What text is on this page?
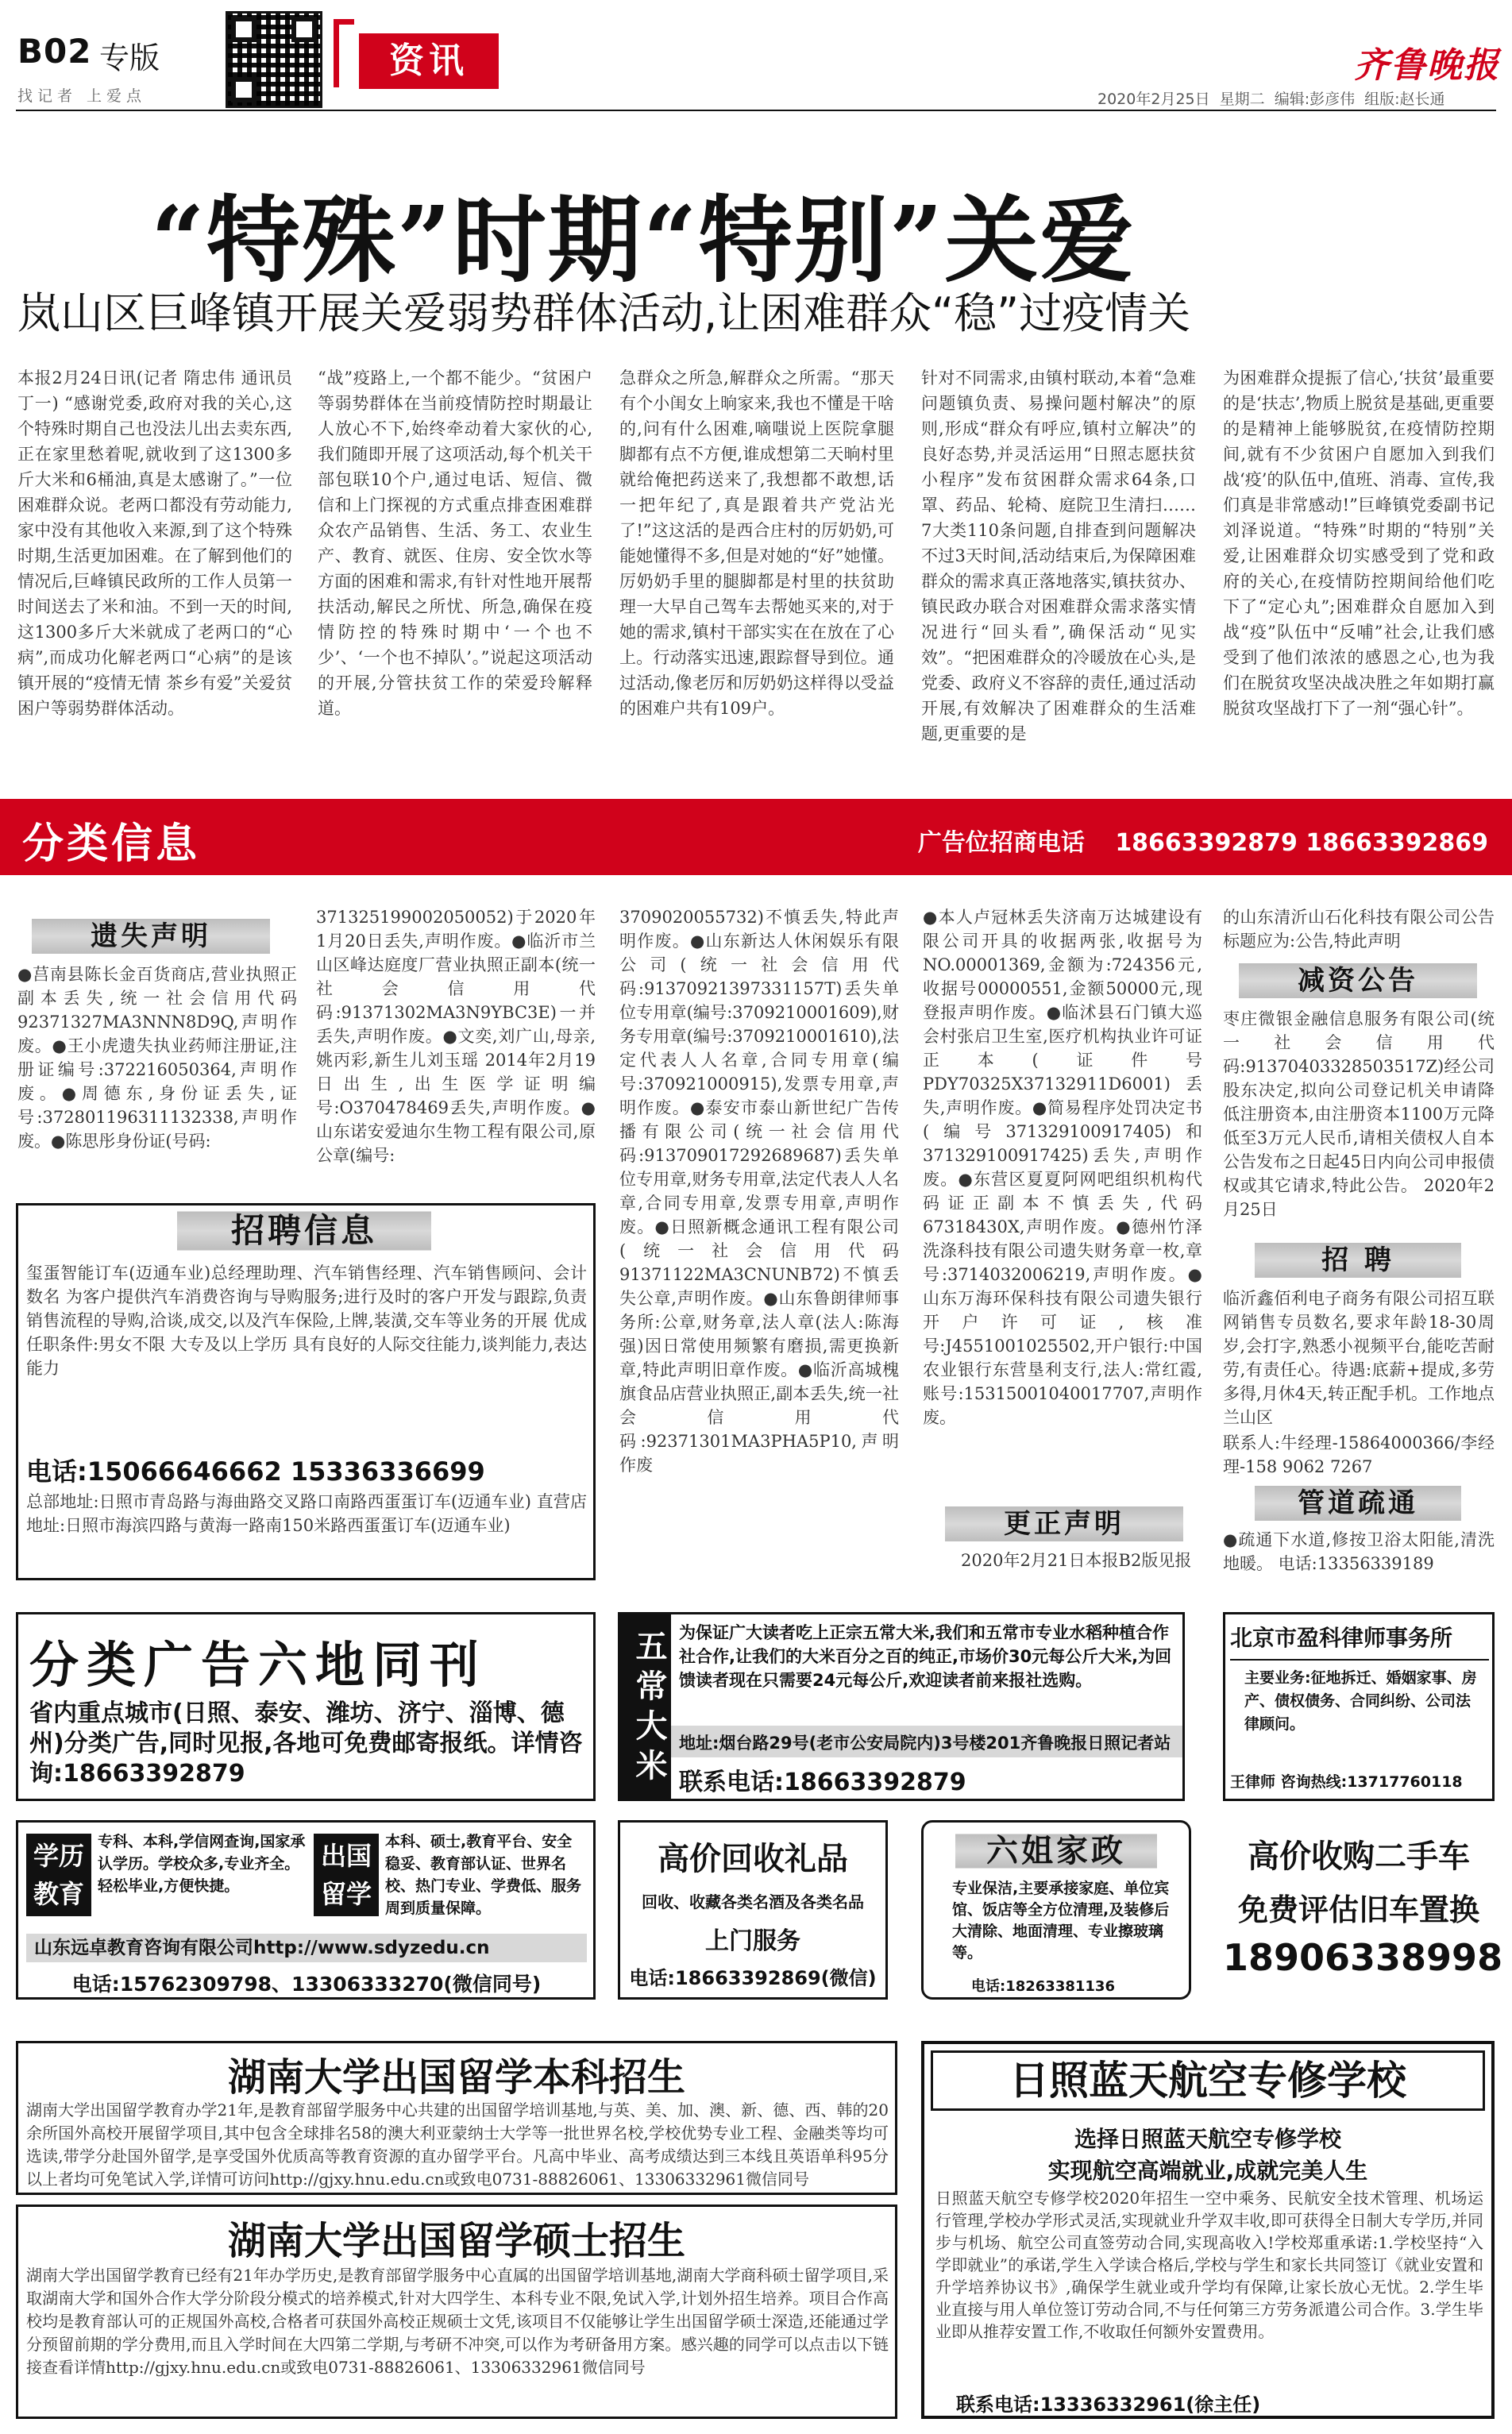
B02 专版
找记者 上爱点
资讯	齐鲁晚报
2020年2月25日 星期二 编辑:彭彦伟 组版:赵长通
“特殊”时期“特别”关爱
岚山区巨峰镇开展关爱弱势群体活动,让困难群众“稳”过疫情关
本报2月24日讯(记者 隋忠伟 通讯员 丁一) “感谢党委,政府对我的关心,这个特殊时期自己也没法儿出去卖东西,正在家里愁着呢,就收到了这1300多斤大米和6桶油,真是太感谢了。”一位困难群众说。老两口都没有劳动能力,家中没有其他收入来源,到了这个特殊时期,生活更加困难。在了解到他们的情况后,巨峰镇民政所的工作人员第一时间送去了米和油。不到一天的时间,这1300多斤大米就成了老两口的“心病”,而成功化解老两口“心病”的是该镇开展的“疫情无情 茶乡有爱”关爱贫困户等弱势群体活动。
“战”疫路上,一个都不能少。“贫困户等弱势群体在当前疫情防控时期最让人放心不下,始终牵动着大家伙的心,我们随即开展了这项活动,每个机关干部包联10个户,通过电话、短信、微信和上门探视的方式重点排查困难群众农产品销售、生活、务工、农业生产、教育、就医、住房、安全饮水等方面的困难和需求,有针对性地开展帮扶活动,解民之所忧、所急,确保在疫情防控的特殊时期中‘一个也不少’、‘一个也不掉队’。”说起这项活动的开展,分管扶贫工作的荣爱玲解释道。
急群众之所急,解群众之所需。“那天有个小闺女上晌家来,我也不懂是干啥的,问有什么困难,嘀嗤说上医院拿腿脚都有点不方便,谁成想第二天晌村里就给俺把药送来了,我想都不敢想,话一把年纪了,真是跟着共产党沾光了!”这这活的是西合庄村的厉奶奶,可能她懂得不多,但是对她的“好”她懂。厉奶奶手里的腿脚都是村里的扶贫助理一大早自己驾车去帮她买来的,对于她的需求,镇村干部实实在在放在了心上。行动落实迅速,跟踪督导到位。通过活动,像老厉和厉奶奶这样得以受益的困难户共有109户。
针对不同需求,由镇村联动,本着“急难问题镇负责、易操问题村解决”的原则,形成“群众有呼应,镇村立解决”的良好态势,并灵活运用“日照志愿扶贫小程序”发布贫困群众需求64条,口罩、药品、轮椅、庭院卫生清扫……7大类110条问题,自排查到问题解决不过3天时间,活动结束后,为保障困难群众的需求真正落地落实,镇扶贫办、镇民政办联合对困难群众需求落实情况进行“回头看”,确保活动“见实效”。“把困难群众的冷暖放在心头,是党委、政府义不容辞的责任,通过活动开展,有效解决了困难群众的生活难题,更重要的是
为困难群众提振了信心,‘扶贫’最重要的是‘扶志’,物质上脱贫是基础,更重要的是精神上能够脱贫,在疫情防控期间,就有不少贫困户自愿加入到我们战‘疫’的队伍中,值班、消毒、宣传,我们真是非常感动!”巨峰镇党委副书记刘泽说道。“特殊”时期的“特别”关爱,让困难群众切实感受到了党和政府的关心,在疫情防控期间给他们吃下了“定心丸”;困难群众自愿加入到战“疫”队伍中“反哺”社会,让我们感受到了他们浓浓的感恩之心,也为我们在脱贫攻坚决战决胜之年如期打赢脱贫攻坚战打下了一剂“强心针”。
分类信息	广告位招商电话 18663392879 18663392869
遗失声明
●莒南县陈长金百货商店,营业执照正副本丢失,统一社会信用代码92371327MA3NNN8D9Q,声明作废。●王小虎遗失执业药师注册证,注册证编号:372216050364,声明作废。●周德东,身份证丢失,证号:372801196311132338,声明作废。●陈思彤身份证(号码:
371325199002050052)于2020年1月20日丢失,声明作废。●临沂市兰山区峰达庭度厂营业执照正副本(统一社会信用代码:91371302MA3N9YBC3E)一并丢失,声明作废。●文奕,刘广山,母亲,姚丙彩,新生儿刘玉瑶 2014年2月19日出生,出生医学证明编号:O370478469丢失,声明作废。●山东诺安爱迪尔生物工程有限公司,原公章(编号:
招聘信息
玺蛋智能订车(迈通车业)总经理助理、汽车销售经理、汽车销售顾问、会计数名 为客户提供汽车消费咨询与导购服务;进行及时的客户开发与跟踪,负责销售流程的导购,洽谈,成交,以及汽车保险,上牌,装潢,交车等业务的开展 优成 任职条件:男女不限 大专及以上学历 具有良好的人际交往能力,谈判能力,表达能力
电话:15066646662 15336336699
总部地址:日照市青岛路与海曲路交叉路口南路西蛋蛋订车(迈通车业) 直营店地址:日照市海滨四路与黄海一路南150米路西蛋蛋订车(迈通车业)
3709020055732)不慎丢失,特此声明作废。●山东新达人休闲娱乐有限公司(统一社会信用代码:91370921397331157T)丢失单位专用章(编号:3709210001609),财务专用章(编号:3709210001610),法定代表人人名章,合同专用章(编号:370921000915),发票专用章,声明作废。●泰安市泰山新世纪广告传播有限公司(统一社会信用代码:913709017292689687)丢失单位专用章,财务专用章,法定代表人人名章,合同专用章,发票专用章,声明作废。●日照新概念通讯工程有限公司(统一社会信用代码91371122MA3CNUNB72)不慎丢失公章,声明作废。●山东鲁朗律师事务所:公章,财务章,法人章(法人:陈海强)因日常使用频繁有磨损,需更换新章,特此声明旧章作废。●临沂高城槐旗食品店营业执照正,副本丢失,统一社会信用代码:92371301MA3PHA5P10,声明作废
●本人卢冠林丢失济南万达城建设有限公司开具的收据两张,收据号为NO.00001369,金额为:724356元,收据号00000551,金额50000元,现登报声明作废。●临沭县石门镇大巡会村张启卫生室,医疗机构执业许可证正本(证件号PDY70325X37132911D6001)丢失,声明作废。●简易程序处罚决定书(编号371329100917405)和371329100917425)丢失,声明作废。●东营区夏夏阿网吧组织机构代码证正副本不慎丢失,代码67318430X,声明作废。●德州竹泽洗涤科技有限公司遗失财务章一枚,章号:3714032006219,声明作废。●山东万海环保科技有限公司遗失银行开户许可证,核准号:J4551001025502,开户银行:中国农业银行东营垦利支行,法人:常红霞,账号:15315001040017707,声明作废。
更正声明
2020年2月21日本报B2版见报
的山东清沂山石化科技有限公司公告标题应为:公告,特此声明
减资公告
枣庄微银金融信息服务有限公司(统一社会信用代码:91370403328503517Z)经公司股东决定,拟向公司登记机关申请降低注册资本,由注册资本1100万元降低至3万元人民币,请相关债权人自本公告发布之日起45日内向公司申报债权或其它请求,特此公告。 2020年2月25日
招 聘
临沂鑫佰利电子商务有限公司招互联网销售专员数名,要求年龄18-30周岁,会打字,熟悉小视频平台,能吃苦耐劳,有责任心。待遇:底薪+提成,多劳多得,月休4天,转正配手机。工作地点兰山区
联系人:牛经理-15864000366/李经理-158 9062 7267
管道疏通
●疏通下水道,修按卫浴太阳能,清洗地暖。 电话:13356339189
分类广告六地同刊
省内重点城市(日照、泰安、潍坊、济宁、淄博、德州)分类广告,同时见报,各地可免费邮寄报纸。详情咨询:18663392879	五常大米 为保证广大读者吃上正宗五常大米,我们和五常市专业水稻种植合作社合作,让我们的大米百分之百的纯正,市场价30元每公斤大米,为回馈读者现在只需要24元每公斤,欢迎读者前来报社选购。
地址:烟台路29号(老市公安局院内)3号楼201齐鲁晚报日照记者站
联系电话:18663392879
北京市盈科律师事务所
主要业务:征地拆迁、婚姻家事、房产、债权债务、合同纠纷、公司法律顾问。
王律师 咨询热线:13717760118
学历教育
专科、本科,学信网查询,国家承认学历。学校众多,专业齐全。轻松毕业,方便快捷。
出国留学
本科、硕士,教育平台、安全稳妥、教育部认证、世界名校、热门专业、学费低、服务周到质量保障。
山东远卓教育咨询有限公司http://www.sdyzedu.cn
电话:15762309798、13306333270(微信同号)
高价回收礼品
回收、收藏各类名酒及各类名品
上门服务
电话:18663392869(微信)
六姐家政
专业保洁,主要承接家庭、单位宾馆、饭店等全方位清理,及装修后大清除、地面清理、专业擦玻璃等。
电话:18263381136
高价收购二手车
免费评估旧车置换
18906338998
湖南大学出国留学本科招生
湖南大学出国留学教育办学21年,是教育部留学服务中心共建的出国留学培训基地,与英、美、加、澳、新、德、西、韩的20余所国外高校开展留学项目,其中包含全球排名58的澳大利亚蒙纳士大学等一批世界名校,学校优势专业工程、金融类等均可选读,带学分赴国外留学,是享受国外优质高等教育资源的直办留学平台。凡高中毕业、高考成绩达到三本线且英语单科95分以上者均可免笔试入学,详情可访问http://gjxy.hnu.edu.cn或致电0731-88826061、13306332961微信同号
湖南大学出国留学硕士招生
湖南大学出国留学教育已经有21年办学历史,是教育部留学服务中心直属的出国留学培训基地,湖南大学商科硕士留学项目,采取湖南大学和国外合作大学分阶段分模式的培养模式,针对大四学生、本科专业不限,免试入学,计划外招生培养。项目合作高校均是教育部认可的正规国外高校,合格者可获国外高校正规硕士文凭,该项目不仅能够让学生出国留学硕士深造,还能通过学分预留前期的学分费用,而且入学时间在大四第二学期,与考研不冲突,可以作为考研备用方案。感兴趣的同学可以点击以下链接查看详情http://gjxy.hnu.edu.cn或致电0731-88826061、13306332961微信同号
日照蓝天航空专修学校
选择日照蓝天航空专修学校
实现航空高端就业,成就完美人生
日照蓝天航空专修学校2020年招生一空中乘务、民航安全技术管理、机场运行管理,学校办学形式灵活,实现就业升学双丰收,即可获得全日制大专学历,并同步与机场、航空公司直签劳动合同,实现高收入!学校郑重承诺:1.学校坚持“入学即就业”的承诺,学生入学读合格后,学校与学生和家长共同签订《就业安置和升学培养协议书》,确保学生就业或升学均有保障,让家长放心无忧。2.学生毕业直接与用人单位签订劳动合同,不与任何第三方劳务派遣公司合作。3.学生毕业即从推荐安置工作,不收取任何额外安置费用。
联系电话:13336332961(徐主任)
